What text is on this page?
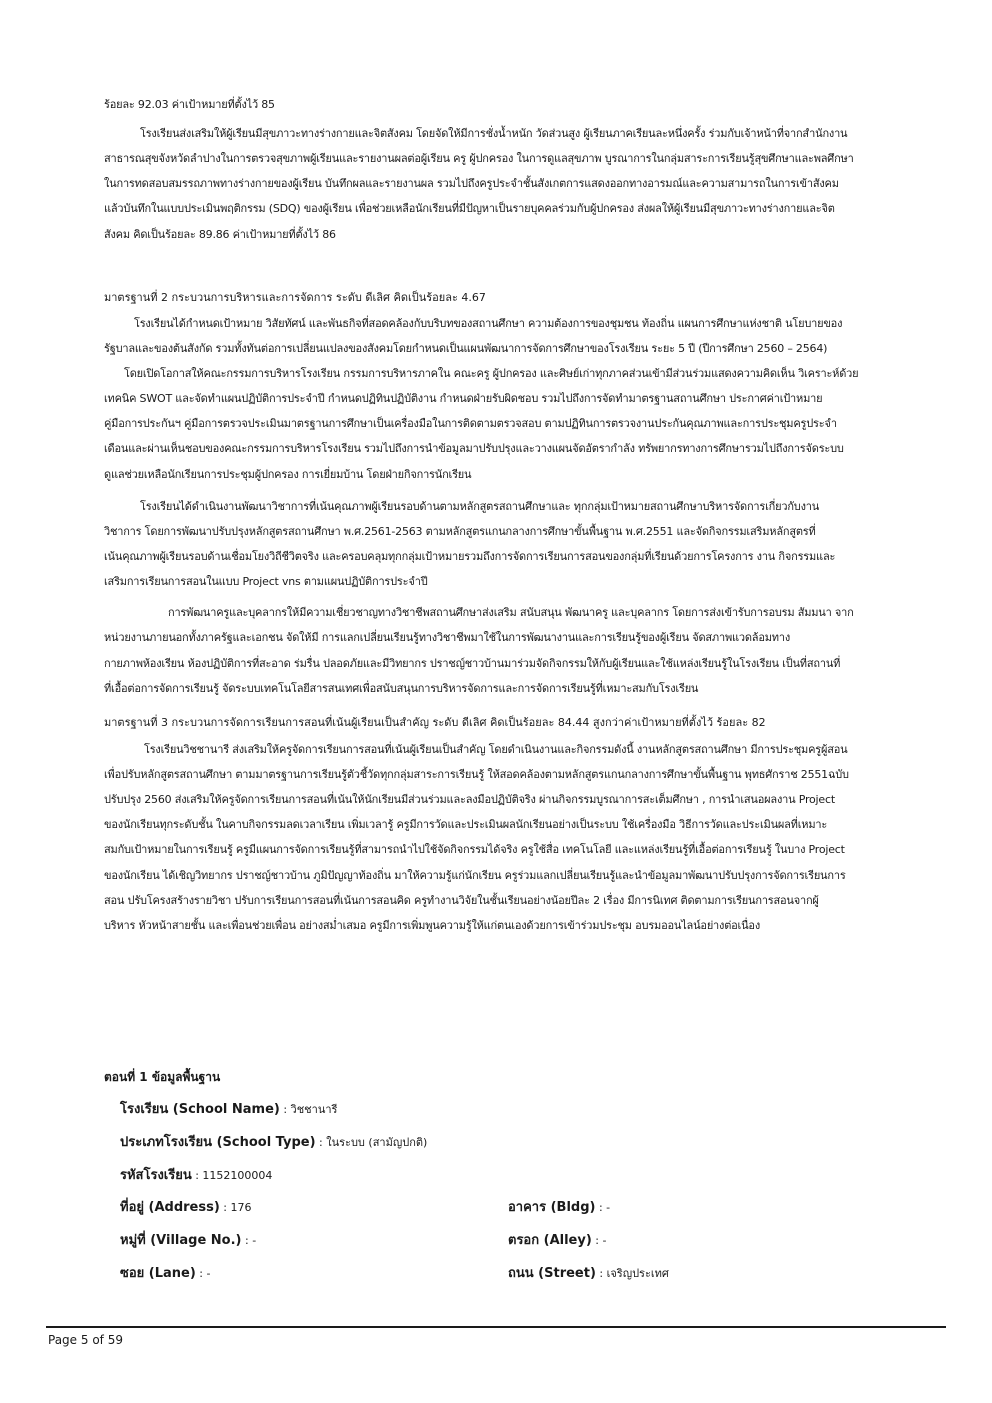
ร้อยละ 92.03 ค่าเป้าหมายที่ตั้งไว้ 85
โรงเรียนส่งเสริมให้ผู้เรียนมีสุขภาวะทางร่างกายและจิตสังคม โดยจัดให้มีการชั่งน้ำหนัก วัดส่วนสูง ผู้เรียนภาคเรียนละหนึ่งครั้ง ร่วมกับเจ้าหน้าที่จากสำนักงาน
สาธารณสุขจังหวัดลำปางในการตรวจสุขภาพผู้เรียนและรายงานผลต่อผู้เรียน ครู ผู้ปกครอง ในการดูแลสุขภาพ บูรณาการในกลุ่มสาระการเรียนรู้สุขศึกษาและพลศึกษา
ในการทดสอบสมรรถภาพทางร่างกายของผู้เรียน บันทึกผลและรายงานผล รวมไปถึงครูประจำชั้นสังเกตการแสดงออกทางอารมณ์และความสามารถในการเข้าสังคม
แล้วบันทึกในแบบประเมินพฤติกรรม (SDQ) ของผู้เรียน เพื่อช่วยเหลือนักเรียนที่มีปัญหาเป็นรายบุคคลร่วมกับผู้ปกครอง ส่งผลให้ผู้เรียนมีสุขภาวะทางร่างกายและจิต
สังคม คิดเป็นร้อยละ 89.86 ค่าเป้าหมายที่ตั้งไว้ 86
มาตรฐานที่ 2 กระบวนการบริหารและการจัดการ ระดับ ดีเลิศ คิดเป็นร้อยละ 4.67
โรงเรียนได้กำหนดเป้าหมาย วิสัยทัศน์ และพันธกิจที่สอดคล้องกับบริบทของสถานศึกษา ความต้องการของชุมชน ท้องถิ่น แผนการศึกษาแห่งชาติ นโยบายของ
รัฐบาลและของต้นสังกัด รวมทั้งทันต่อการเปลี่ยนแปลงของสังคมโดยกำหนดเป็นแผนพัฒนาการจัดการศึกษาของโรงเรียน ระยะ 5 ปี (ปีการศึกษา 2560 – 2564)
โดยเปิดโอกาสให้คณะกรรมการบริหารโรงเรียน กรรมการบริหารภาคใน คณะครู ผู้ปกครอง และศิษย์เก่าทุกภาคส่วนเข้ามีส่วนร่วมแสดงความคิดเห็น วิเคราะห์ด้วย
เทคนิค SWOT และจัดทำแผนปฏิบัติการประจำปี กำหนดปฏิทินปฏิบัติงาน กำหนดฝ่ายรับผิดชอบ รวมไปถึงการจัดทำมาตรฐานสถานศึกษา ประกาศค่าเป้าหมาย
คู่มือการประกันฯ คู่มือการตรวจประเมินมาตรฐานการศึกษาเป็นเครื่องมือในการติดตามตรวจสอบ ตามปฏิทินการตรวจงานประกันคุณภาพและการประชุมครูประจำ
เดือนและผ่านเห็นชอบของคณะกรรมการบริหารโรงเรียน รวมไปถึงการนำข้อมูลมาปรับปรุงและวางแผนจัดอัตรากำลัง ทรัพยากรทางการศึกษารวมไปถึงการจัดระบบ
ดูแลช่วยเหลือนักเรียนการประชุมผู้ปกครอง การเยี่ยมบ้าน โดยฝ่ายกิจการนักเรียน
โรงเรียนได้ดำเนินงานพัฒนาวิชาการที่เน้นคุณภาพผู้เรียนรอบด้านตามหลักสูตรสถานศึกษาและ ทุกกลุ่มเป้าหมายสถานศึกษาบริหารจัดการเกี่ยวกับงาน
วิชาการ โดยการพัฒนาปรับปรุงหลักสูตรสถานศึกษา พ.ศ.2561-2563 ตามหลักสูตรแกนกลางการศึกษาขั้นพื้นฐาน พ.ศ.2551 และจัดกิจกรรมเสริมหลักสูตรที่
เน้นคุณภาพผู้เรียนรอบด้านเชื่อมโยงวิถีชีวิตจริง และครอบคลุมทุกกลุ่มเป้าหมายรวมถึงการจัดการเรียนการสอนของกลุ่มที่เรียนด้วยการโครงการ งาน กิจกรรมและ
เสริมการเรียนการสอนในแบบ Project vns ตามแผนปฏิบัติการประจำปี
การพัฒนาครูและบุคลากรให้มีความเชี่ยวชาญทางวิชาชีพสถานศึกษาส่งเสริม สนับสนุน พัฒนาครู และบุคลากร โดยการส่งเข้ารับการอบรม สัมมนา จาก
หน่วยงานภายนอกทั้งภาครัฐและเอกชน จัดให้มี การแลกเปลี่ยนเรียนรู้ทางวิชาชีพมาใช้ในการพัฒนางานและการเรียนรู้ของผู้เรียน จัดสภาพแวดล้อมทาง
กายภาพห้องเรียน ห้องปฏิบัติการที่สะอาด ร่มรื่น ปลอดภัยและมีวิทยากร ปราชญ์ชาวบ้านมาร่วมจัดกิจกรรมให้กับผู้เรียนและใช้แหล่งเรียนรู้ในโรงเรียน เป็นที่สถานที่
ที่เอื้อต่อการจัดการเรียนรู้ จัดระบบเทคโนโลยีสารสนเทศเพื่อสนับสนุนการบริหารจัดการและการจัดการเรียนรู้ที่เหมาะสมกับโรงเรียน
มาตรฐานที่ 3 กระบวนการจัดการเรียนการสอนที่เน้นผู้เรียนเป็นสำคัญ ระดับ ดีเลิศ คิดเป็นร้อยละ 84.44 สูงกว่าค่าเป้าหมายที่ตั้งไว้ ร้อยละ 82
โรงเรียนวิชชานารี ส่งเสริมให้ครูจัดการเรียนการสอนที่เน้นผู้เรียนเป็นสำคัญ โดยดำเนินงานและกิจกรรมดังนี้ งานหลักสูตรสถานศึกษา มีการประชุมครูผู้สอน
เพื่อปรับหลักสูตรสถานศึกษา ตามมาตรฐานการเรียนรู้ตัวชี้วัดทุกกลุ่มสาระการเรียนรู้ ให้สอดคล้องตามหลักสูตรแกนกลางการศึกษาขั้นพื้นฐาน พุทธศักราช 2551ฉบับ
ปรับปรุง 2560 ส่งเสริมให้ครูจัดการเรียนการสอนที่เน้นให้นักเรียนมีส่วนร่วมและลงมือปฏิบัติจริง ผ่านกิจกรรมบูรณาการสะเต็มศึกษา , การนำเสนอผลงาน Project
ของนักเรียนทุกระดับชั้น ในคาบกิจกรรมลดเวลาเรียน เพิ่มเวลารู้ ครูมีการวัดและประเมินผลนักเรียนอย่างเป็นระบบ ใช้เครื่องมือ วิธีการวัดและประเมินผลที่เหมาะ
สมกับเป้าหมายในการเรียนรู้ ครูมีแผนการจัดการเรียนรู้ที่สามารถนำไปใช้จัดกิจกรรมได้จริง ครูใช้สื่อ เทคโนโลยี และแหล่งเรียนรู้ที่เอื้อต่อการเรียนรู้ ในบาง Project
ของนักเรียน ได้เชิญวิทยากร ปราชญ์ชาวบ้าน ภูมิปัญญาท้องถิ่น มาให้ความรู้แก่นักเรียน ครูร่วมแลกเปลี่ยนเรียนรู้และนำข้อมูลมาพัฒนาปรับปรุงการจัดการเรียนการ
สอน ปรับโครงสร้างรายวิชา ปรับการเรียนการสอนที่เน้นการสอนคิด ครูทำงานวิจัยในชั้นเรียนอย่างน้อยปีละ 2 เรื่อง มีการนิเทศ ติดตามการเรียนการสอนจากผู้
บริหาร หัวหน้าสายชั้น และเพื่อนช่วยเพื่อน อย่างสม่ำเสมอ ครูมีการเพิ่มพูนความรู้ให้แก่ตนเองด้วยการเข้าร่วมประชุม อบรมออนไลน์อย่างต่อเนื่อง
ตอนที่ 1 ข้อมูลพื้นฐาน
โรงเรียน (School Name) : วิชชานารี
ประเภทโรงเรียน (School Type) : ในระบบ (สามัญปกติ)
รหัสโรงเรียน : 1152100004
ที่อยู่ (Address) : 176	อาคาร (Bldg) : -
หมู่ที่ (Village No.) : -	ตรอก (Alley) : -
ซอย (Lane) : -	ถนน (Street) : เจริญประเทศ
Page 5 of 59
